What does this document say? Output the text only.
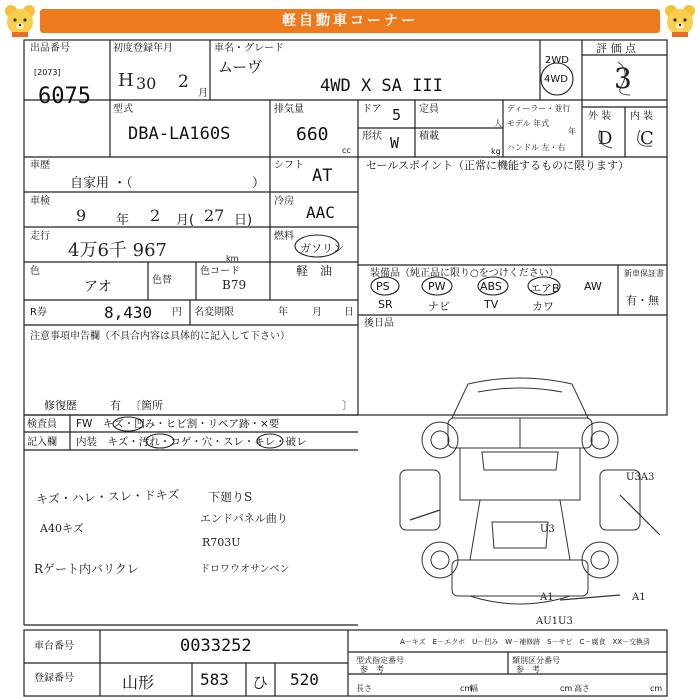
軽自動車コーナー
出品番号
[2073]
6075
初度登録年月
H 30 2
月
車名・グレード
ムーヴ
4WD X SA III
2WD
4WD
評 価 点
3
型式
DBA-LA160S
排気量
660
cc
ドア 5
形状 W
定員
人
積載
kg
ディーラー・並行
モデル 年式
年
ハンドル 左・右
外 装 内 装
D C
車歴
自家用 ・（	）
シフト
AT
セールスポイント（正常に機能するものに限ります）
車検
9 年 2 月( 27 日)
冷房
AAC
走行
4万6千 967	km
燃料
ガソリン
軽　油
色
アオ	色替
色コード
B79
装備品（純正品に限り○をつけください）
PS	PW	ABS	エアB AW
SR	ナビ	TV	カワ
新車保証書
有・無
R券	8,430 円 名変期限	年 月 日
後日品
注意事項申告欄（不具合内容は具体的に記入して下さい）
修復歴	有 〔箇所	〕
検査員 FW　キズ・凹み・ヒビ割・リペア跡・×要
記入欄 内装　キズ・汚れ・コゲ・穴・スレ・キレ・破レ
キズ・ハレ・スレ・ドキズ
A40キズ
Rゲート内バリクレ
下廻りS
エンドパネル曲り
R703U
ドロワウオサンベン
U3A3
U3
A1	A1
AU1U3
車台番号	0033252
登録番号	山形	583 ひ 520
A－キズ　E－エクボ　U－凹み　W－補修跡　S－サビ　C－腐食　XX－交換済
型式指定番号	類別区分番号
参　考	参　考
長さ	cm
幅	cm 高さ	cm
